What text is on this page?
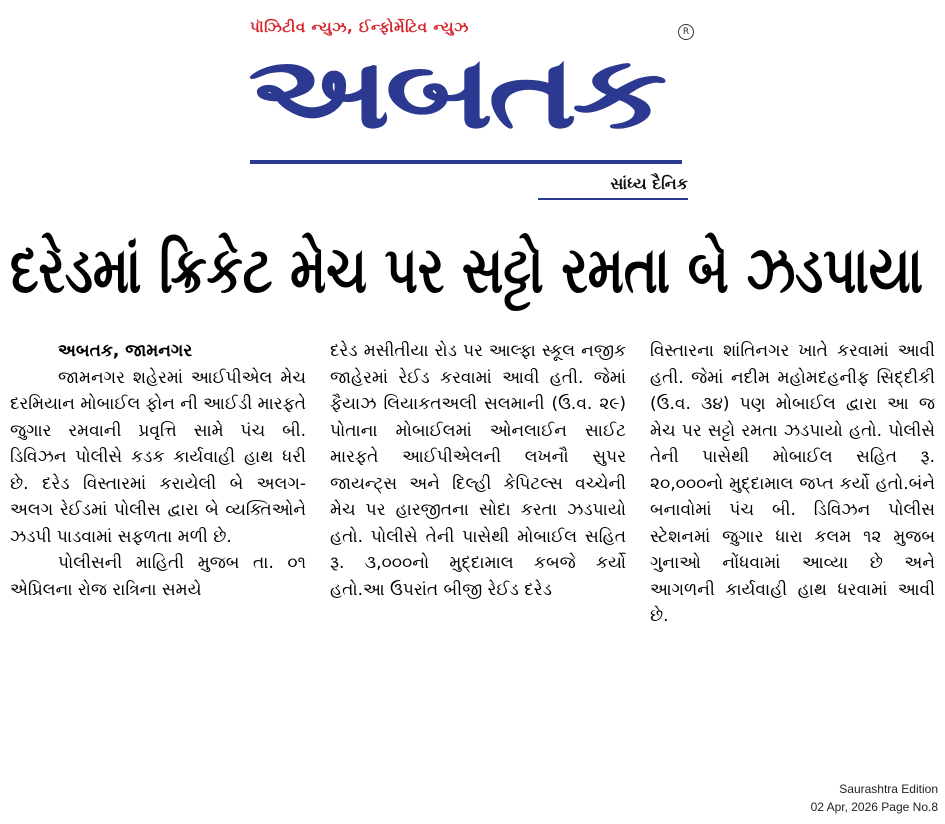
પૉઝિટીવ ન્યુઝ, ઈન્ફોર્મેટિવ ન્યુઝ
અબતક
R
સાંધ્ય દૈનિક
દરેડમાં ક્રિકેટ મેચ પર સટ્ટો રમતા બે ઝડપાયા
અબતક, જામનગર

જામનગર શહેરમાં આઈપીએલ મેચ દરમિયાન મોબાઈલ ફોન ની આઈડી મારફતે જુગાર રમવાની પ્રવૃત્તિ સામે પંચ બી. ડિવિઝન પોલીસે કડક કાર્યવાહી હાથ ધરી છે. દરેડ વિસ્તારમાં કરાયેલી બે અલગ-અલગ રેઈડમાં પોલીસ દ્વારા બે વ્યક્તિઓને ઝડપી પાડવામાં સફળતા મળી છે.

પોલીસની માહિતી મુજબ તા. ૦૧ એપ્રિલના રોજ રાત્રિના સમયે

દરેડ મસીતીયા રોડ પર આલ્ફા સ્કૂલ નજીક જાહેરમાં રેઈડ કરવામાં આવી હતી. જેમાં ફૈયાઝ લિયાકતઅલી સલમાની (ઉ.વ. ૨૯) પોતાના મોબાઈલમાં ઓનલાઈન સાઈટ મારફતે આઈપીએલની લખનૌ સુપર જાયન્ટ્સ અને દિલ્હી કેપિટલ્સ વચ્ચેની મેચ પર હારજીતના સોદા કરતા ઝડપાયો હતો. પોલીસે તેની પાસેથી મોબાઈલ સહિત રૂ. ૩,૦૦૦નો મુદ્દામાલ કબજે કર્યો હતો.આ ઉપરાંત બીજી રેઈડ દરેડ

વિસ્તારના શાંતિનગર ખાતે કરવામાં આવી હતી. જેમાં નદીમ મહોમદહનીફ સિદ્દીકી (ઉ.વ. ૩૪) પણ મોબાઈલ દ્વારા આ જ મેચ પર સટ્ટો રમતા ઝડપાયો હતો. પોલીસે તેની પાસેથી મોબાઈલ સહિત રૂ. ૨૦,૦૦૦નો મુદ્દામાલ જપ્ત કર્યો હતો.બંને બનાવોમાં પંચ બી. ડિવિઝન પોલીસ સ્ટેશનમાં જુગાર ધારા કલમ ૧૨ મુજબ ગુનાઓ નોંધવામાં આવ્યા છે અને આગળની કાર્યવાહી હાથ ધરવામાં આવી છે.

Saurashtra Edition
02 Apr, 2026 Page No.8
